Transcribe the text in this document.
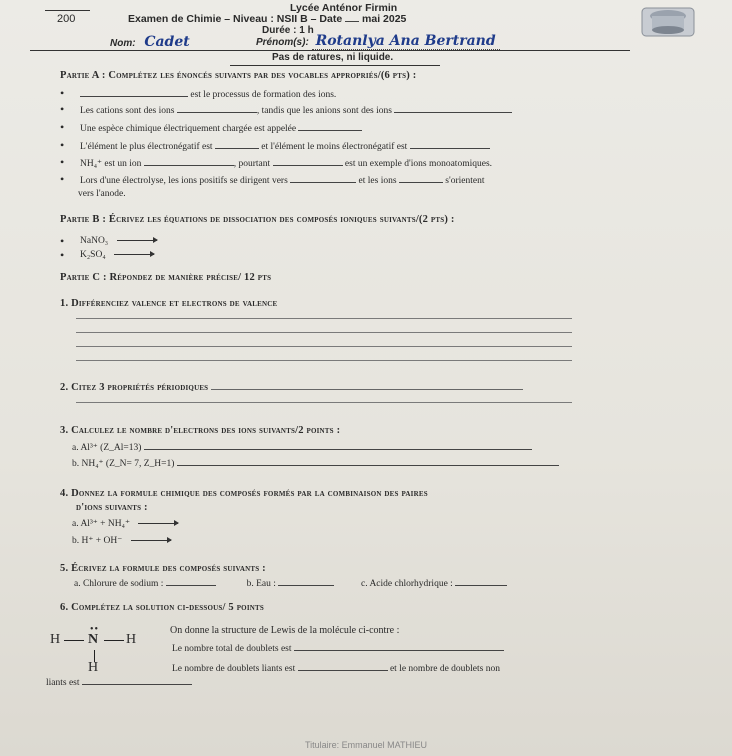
200
Lycée Anténor Firmin
Examen de Chimie – Niveau : NSII B – Date mai 2025
Durée : 1 h
Nom: Cadet	Prénom(s): Rotanlya Ana Bertrand
Pas de ratures, ni liquide.
Partie A : Complétez les énoncés suivants par des vocables appropriés/(6 pts) :
• est le processus de formation des ions.
• Les cations sont des ions	, tandis que les anions sont des ions
• Une espèce chimique électriquement chargée est appelée
• L'élément le plus électronégatif est	et l'élément le moins électronégatif est
• NH₄⁺ est un ion	, pourtant	est un exemple d'ions monoatomiques.
• Lors d'une électrolyse, les ions positifs se dirigent vers	et les ions	s'orientent
vers l'anode.
Partie B : Écrivez les équations de dissociation des composés ioniques suivants/(2 pts) :
• NaNO₃
• K₂SO₄
Partie C : Répondez de manière précise/ 12 pts
1. Différenciez valence et electrons de valence
2. Citez 3 propriétés périodiques
3. Calculez le nombre d'electrons des ions suivants/2 points :
a. Al³⁺ (Z_Al=13)
b. NH₄⁺ (Z_N= 7, Z_H=1)
4. Donnez la formule chimique des composés formés par la combinaison des paires
d'ions suivants :
a. Al³⁺ + NH₄⁺
b. H⁺ + OH⁻
5. Écrivez la formule des composés suivants :
a. Chlorure de sodium :	b. Eau :	c. Acide chlorhydrique :
6. Complétez la solution ci-dessous/ 5 points
H
••
N H
H
On donne la structure de Lewis de la molécule ci-contre :
Le nombre total de doublets est
Le nombre de doublets liants est	et le nombre de doublets non
liants est
Titulaire: Emmanuel MATHIEU
